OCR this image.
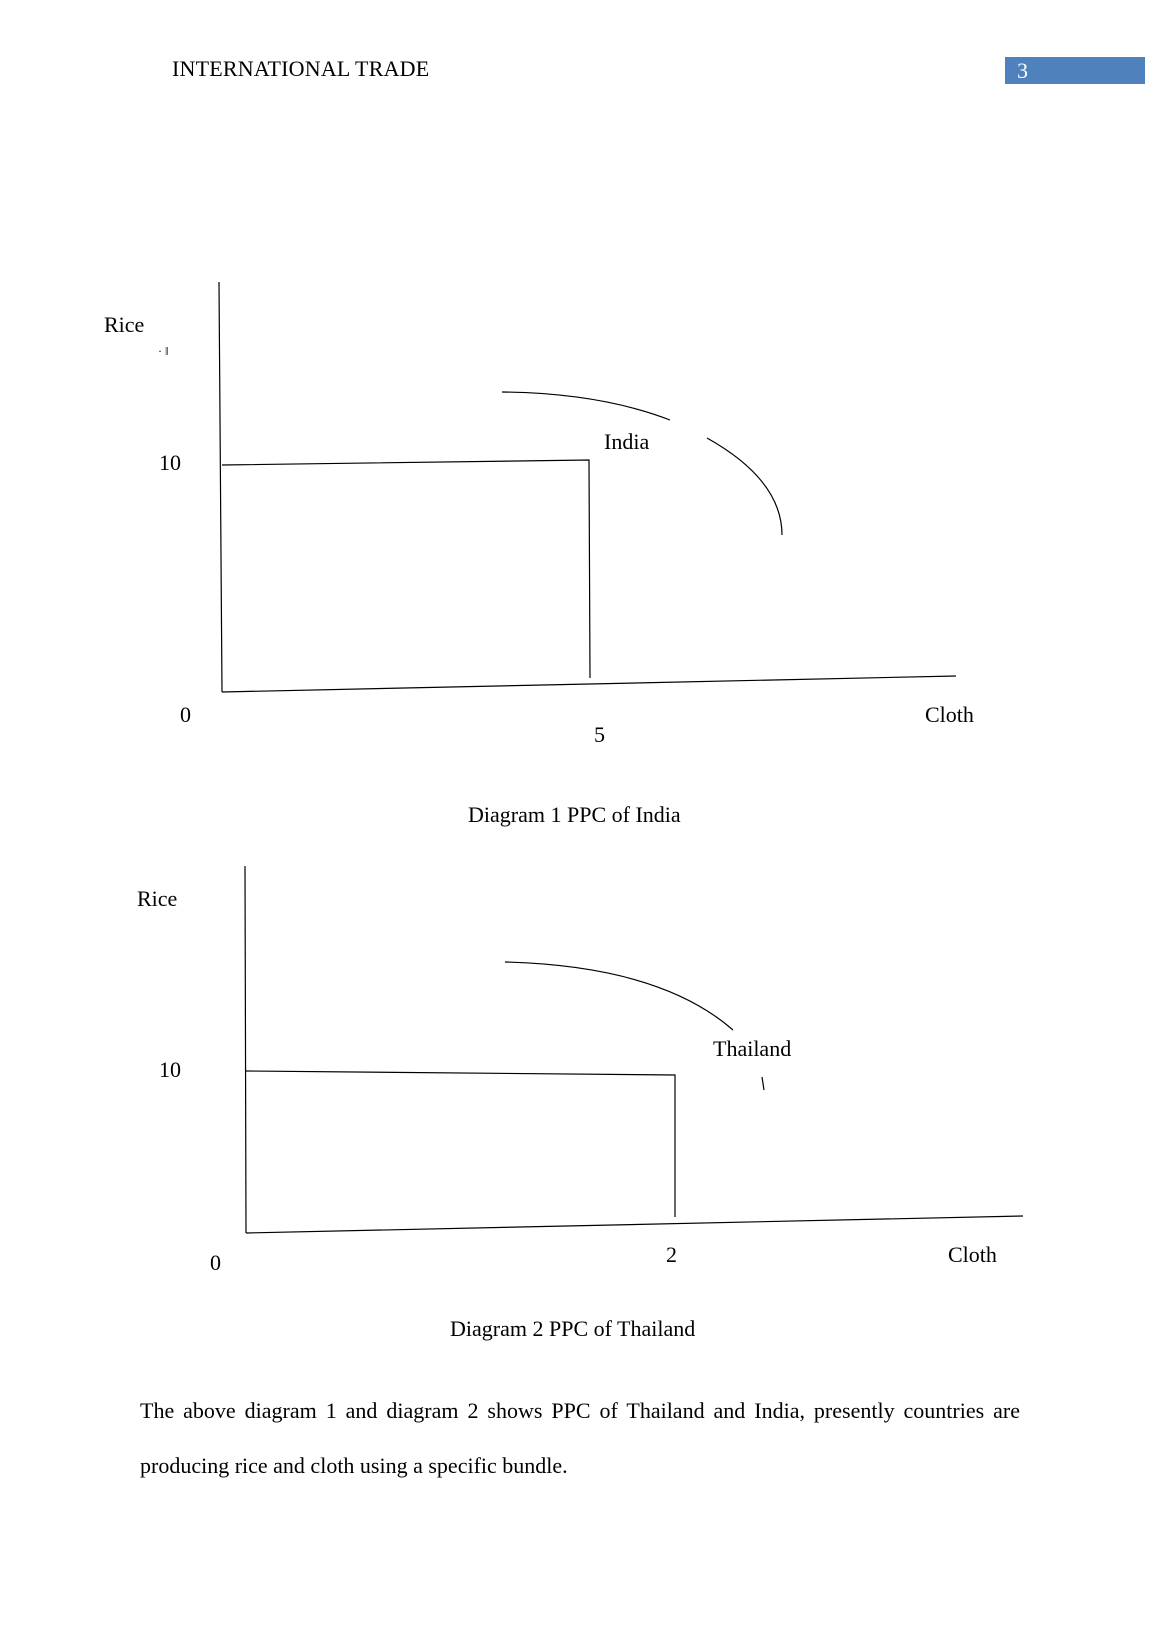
INTERNATIONAL TRADE	3
· ‖
Rice
10
0
5
Cloth
India
Diagram 1 PPC of India
Rice
10
0	2	Cloth
Thailand
Diagram 2 PPC of Thailand
The above diagram 1 and diagram 2 shows PPC of Thailand and India, presently countries are producing rice and cloth using a specific bundle.
